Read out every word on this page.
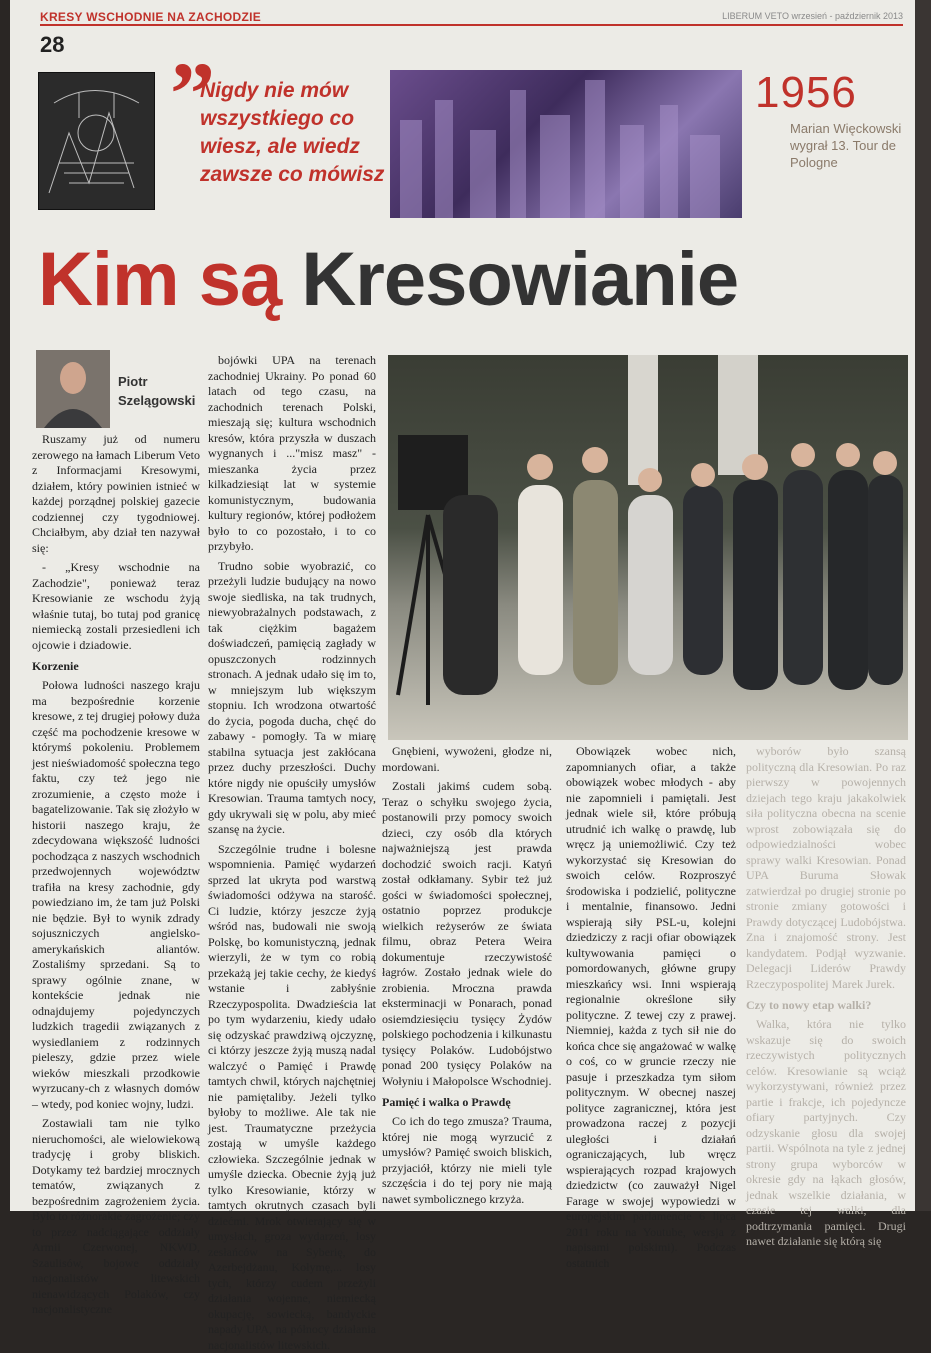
KRESY WSCHODNIE NA ZACHODZIE	LIBERUM VETO wrzesień - październik 2013
28
”
Nigdy nie mów wszystkiego co wiesz, ale wiedz zawsze co mówisz
1956
Marian Więckowski wygrał 13. Tour de Pologne
Kim są Kresowianie
Piotr
Szelągowski

Ruszamy już od numeru zerowego na łamach Liberum Veto z Informacjami Kresowymi, działem, który powinien istnieć w każdej porządnej polskiej gazecie codziennej czy tygodniowej. Chciałbym, aby dział ten nazywał się:

- „Kresy wschodnie na Zachodzie", ponieważ teraz Kresowianie ze wschodu żyją właśnie tutaj, bo tutaj pod granicę niemiecką zostali przesiedleni ich ojcowie i dziadowie.

Korzenie

Połowa ludności naszego kraju ma bezpośrednie korzenie kresowe, z tej drugiej połowy duża część ma pochodzenie kresowe w którymś pokoleniu. Problemem jest nieświadomość społeczna tego faktu, czy też jego nie zrozumienie, a często może i bagatelizowanie. Tak się złożyło w historii naszego kraju, że zdecydowana większość ludności pochodząca z naszych wschodnich przedwojennych województw trafiła na kresy zachodnie, gdy powiedziano im, że tam już Polski nie będzie. Był to wynik zdrady sojuszniczych angielsko-amerykańskich aliantów. Zostaliśmy sprzedani. Są to sprawy ogólnie znane, w kontekście jednak nie odnajdujemy pojedynczych ludzkich tragedii związanych z wysiedlaniem z rodzinnych pieleszy, gdzie przez wiele wieków mieszkali przodkowie wyrzucany-ch z własnych domów – wtedy, pod koniec wojny, ludzi.

Zostawiali tam nie tylko nieruchomości, ale wielowiekową tradycję i groby bliskich. Dotykamy też bardziej mrocznych tematów, związanych z bezpośrednim zagrożeniem życia. Było to różnorakie zagrożenie; czy to przez nadciągające oddziały Armii Czerwonej, NKWD, Szaulisów, bojowe oddziały nacjonalistów litewskich nienawidzących Polaków, czy nacjonalistyczne

bojówki UPA na terenach zachodniej Ukrainy. Po ponad 60 latach od tego czasu, na zachodnich terenach Polski, mieszają się; kultura wschodnich kresów, która przyszła w duszach wygnanych i ..."misz masz" - mieszanka życia przez kilkadziesiąt lat w systemie komunistycznym, budowania kultury regionów, której podłożem było to co pozostało, i to co przybyło.

Trudno sobie wyobrazić, co przeżyli ludzie budujący na nowo swoje siedliska, na tak trudnych, niewyobrażalnych podstawach, z tak ciężkim bagażem doświadczeń, pamięcią zagłady w opuszczonych rodzinnych stronach. A jednak udało się im to, w mniejszym lub większym stopniu. Ich wrodzona otwartość do życia, pogoda ducha, chęć do zabawy - pomogły. Ta w miarę stabilna sytuacja jest zakłócana przez duchy przeszłości. Duchy które nigdy nie opuściły umysłów Kresowian. Trauma tamtych nocy, gdy ukrywali się w polu, aby mieć szansę na życie.

Szczególnie trudne i bolesne wspomnienia. Pamięć wydarzeń sprzed lat ukryta pod warstwą świadomości odżywa na starość. Ci ludzie, którzy jeszcze żyją wśród nas, budowali nie swoją Polskę, bo komunistyczną, jednak wierzyli, że w tym co robią przekażą jej takie cechy, że kiedyś wstanie i zabłyśnie Rzeczypospolita. Dwadzieścia lat po tym wydarzeniu, kiedy udało się odzyskać prawdziwą ojczyznę, ci którzy jeszcze żyją muszą nadal walczyć o Pamięć i Prawdę tamtych chwil, których najchętniej nie pamiętaliby. Jeżeli tylko byłoby to możliwe. Ale tak nie jest. Traumatyczne przeżycia zostają w umyśle każdego człowieka. Szczególnie jednak w umyśle dziecka. Obecnie żyją już tylko Kresowianie, którzy w tamtych okrutnych czasach byli dziećmi. Mrok otwierający się w umysłach, groza wydarzeń, losy zesłańców na Syberię, do Azerbejdżanu, Kołymę,... losy tych, którzy cudem przeżyli działania wojenne, niemiecką okupację, sowiecką, bandyckie napady UPA, na północy działania nacjonalistów litewskich.

Gnębieni, wywożeni, głodze ni, mordowani.

Zostali jakimś cudem sobą. Teraz o schyłku swojego życia, postanowili przy pomocy swoich dzieci, czy osób dla których najważniejszą jest prawda dochodzić swoich racji. Katyń został odkłamany. Sybir też już gości w świadomości społecznej, ostatnio poprzez produkcje wielkich reżyserów ze świata filmu, obraz Petera Weira dokumentuje rzeczywistość łagrów. Zostało jednak wiele do zrobienia. Mroczna prawda eksterminacji w Ponarach, ponad osiemdziesięciu tysięcy Żydów polskiego pochodzenia i kilkunastu tysięcy Polaków. Ludobójstwo ponad 200 tysięcy Polaków na Wołyniu i Małopolsce Wschodniej.

Pamięć i walka o Prawdę

Co ich do tego zmusza? Trauma, której nie mogą wyrzucić z umysłów? Pamięć swoich bliskich, przyjaciół, którzy nie mieli tyle szczęścia i do tej pory nie mają nawet symbolicznego krzyża.

Obowiązek wobec nich, zapomnianych ofiar, a także obowiązek wobec młodych - aby nie zapomnieli i pamiętali. Jest jednak wiele sił, które próbują utrudnić ich walkę o prawdę, lub wręcz ją uniemożliwić. Czy też wykorzystać się Kresowian do swoich celów. Rozproszyć środowiska i podzielić, polityczne i mentalnie, finansowo. Jedni wspierają siły PSL-u, kolejni dziedziczy z racji ofiar obowiązek kultywowania pamięci o pomordowanych, główne grupy mieszkańcy wsi. Inni wspierają regionalnie określone siły polityczne. Z tewej czy z prawej. Niemniej, każda z tych sił nie do końca chce się angażować w walkę o coś, co w gruncie rzeczy nie pasuje i przeszkadza tym siłom politycznym. W obecnej naszej polityce zagranicznej, która jest prowadzona raczej z pozycji uległości i działań ograniczających, lub wręcz wspierających rozpad krajowych dziedzictw (co zauważył Nigel Farage w swojej wypowiedzi w europejskim parlamencie 6 lipca 2011 roku na Youtube, wersja z napisami polskimi). Podczas ostatnich

wyborów było szansą polityczną dla Kresowian. Po raz pierwszy w powojennych dziejach tego kraju jakakolwiek siła polityczna obecna na scenie wprost zobowiązała się do odpowiedzialności wobec sprawy walki Kresowian. Ponad UPA Buruma Słowak zatwierdzał po drugiej stronie po stronie zmiany gotowości i Prawdy dotyczącej Ludobójstwa. Zna i znajomość strony. Jest kandydatem. Podjął wyzwanie. Delegacji Liderów Prawdy Rzeczypospolitej Marek Jurek.

Czy to nowy etap walki?

Walka, która nie tylko wskazuje się do swoich rzeczywistych politycznych celów. Kresowianie są wciąż wykorzystywani, również przez partie i frakcje, ich pojedyncze ofiary partyjnych. Czy odzyskanie głosu dla swojej partii. Wspólnota na tyle z jednej strony grupa wyborców w okresie gdy na łąkach głosów, jednak wszelkie działania, w czasie tej walki, dla podtrzymania pamięci. Drugi nawet działanie się którą się
